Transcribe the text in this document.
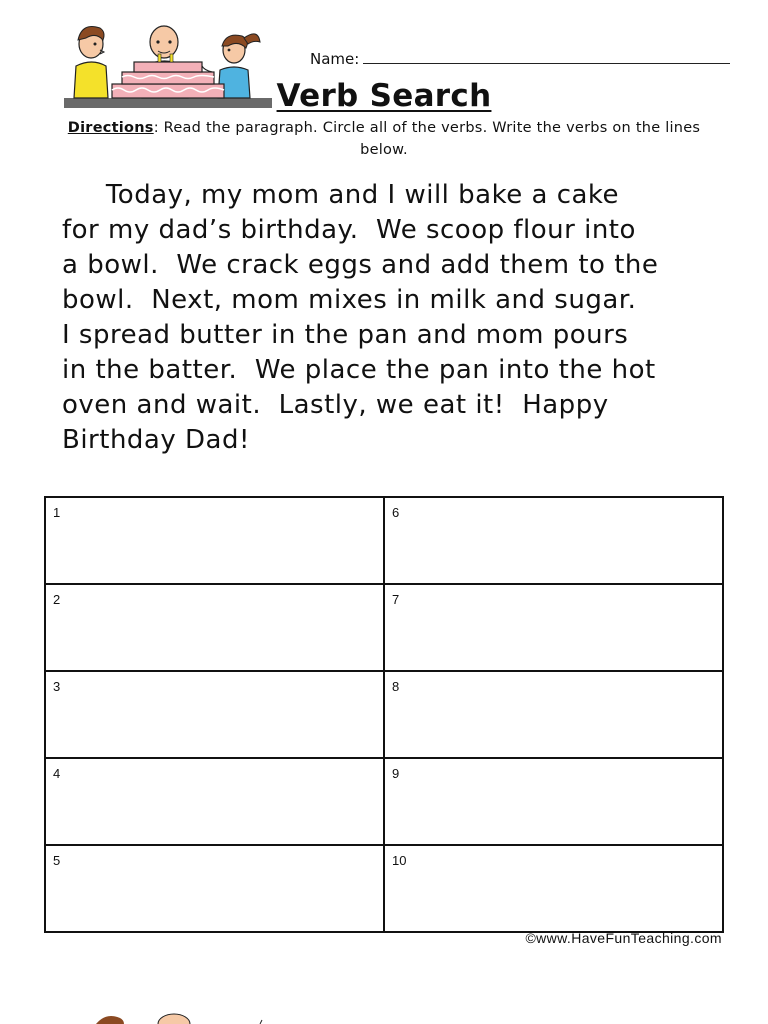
Name:
Verb Search
Directions: Read the paragraph. Circle all of the verbs. Write the verbs on the lines below.
Today, my mom and I will bake a cake
for my dad’s birthday.  We scoop flour into
a bowl.  We crack eggs and add them to the
bowl.  Next, mom mixes in milk and sugar.
I spread butter in the pan and mom pours
in the batter.  We place the pan into the hot
oven and wait.  Lastly, we eat it!  Happy
Birthday Dad!
1	6
2	7
3	8
4	9
5	10
©www.HaveFunTeaching.com
